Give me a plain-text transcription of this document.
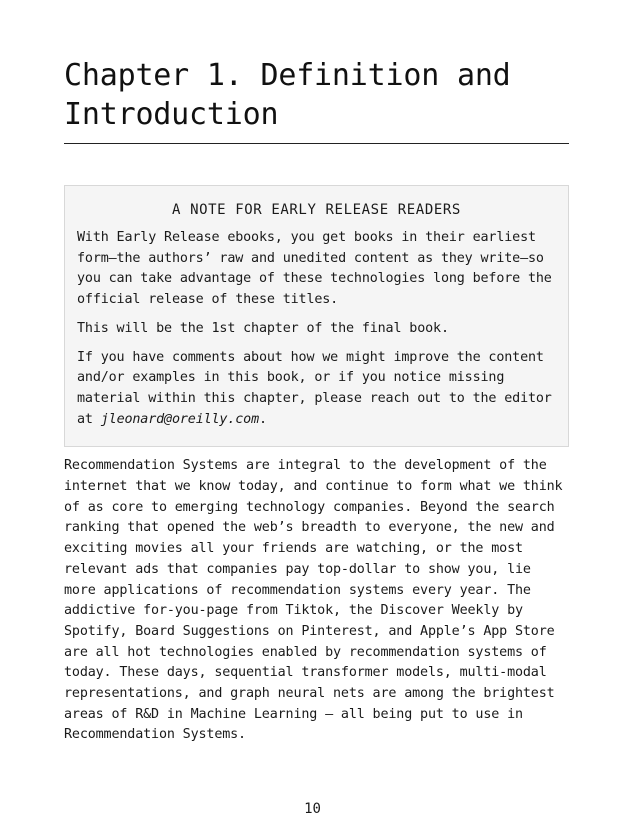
Chapter 1. Definition and Introduction
A NOTE FOR EARLY RELEASE READERS

With Early Release ebooks, you get books in their earliest form—the authors’ raw and unedited content as they write—so you can take advantage of these technologies long before the official release of these titles.

This will be the 1st chapter of the final book.

If you have comments about how we might improve the content and/or examples in this book, or if you notice missing material within this chapter, please reach out to the editor at jleonard@oreilly.com.

Recommendation Systems are integral to the development of the internet that we know today, and continue to form what we think of as core to emerging technology companies. Beyond the search ranking that opened the web’s breadth to everyone, the new and exciting movies all your friends are watching, or the most relevant ads that companies pay top-dollar to show you, lie more applications of recommendation systems every year. The addictive for-you-page from Tiktok, the Discover Weekly by Spotify, Board Suggestions on Pinterest, and Apple’s App Store are all hot technologies enabled by recommendation systems of today. These days, sequential transformer models, multi-modal representations, and graph neural nets are among the brightest areas of R&D in Machine Learning – all being put to use in Recommendation Systems.

10
